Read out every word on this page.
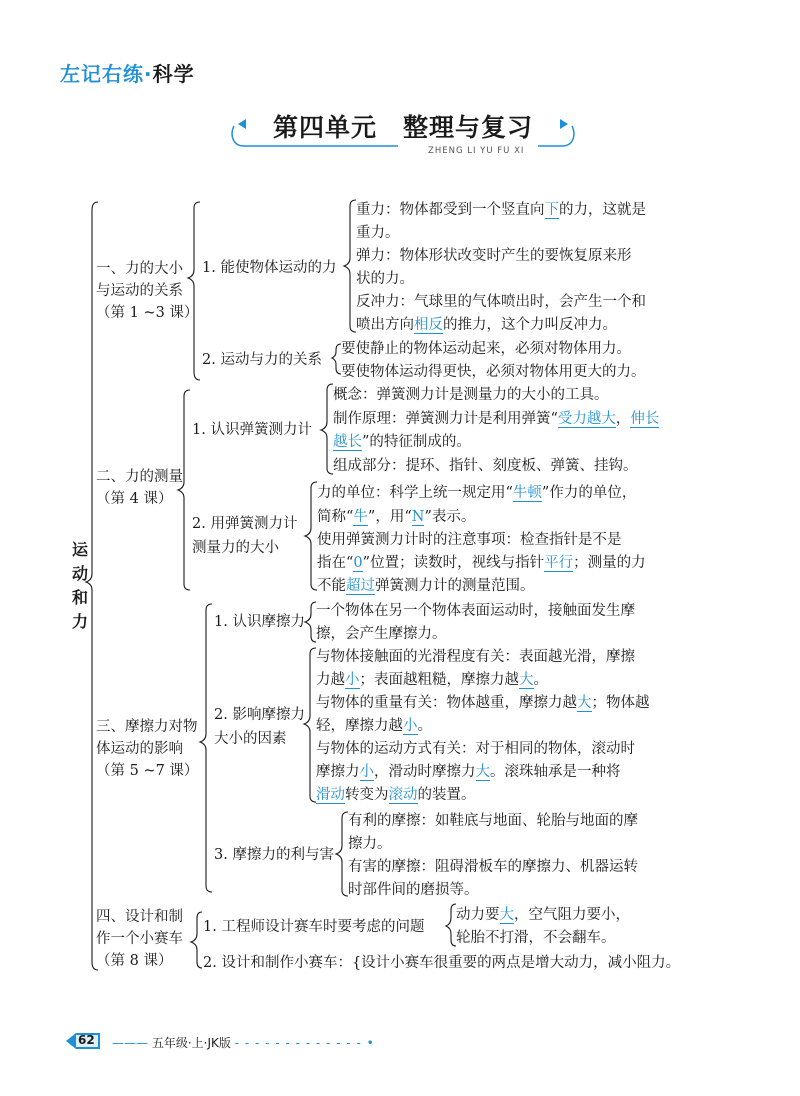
左记右练·科学
第四单元　整理与复习
ZHENG LI YU FU XI
运
动
和
力
一、力的大小
与运动的关系
（第 1 ~3 课）
二、力的测量
（第 4 课）
三、摩擦力对物
体运动的影响
（第 5 ~7 课）
四、设计和制
作一个小赛车
（第 8 课）
1. 能使物体运动的力
重力：物体都受到一个竖直向下的力，这就是
重力。
弹力：物体形状改变时产生的要恢复原来形
状的力。
反冲力：气球里的气体喷出时，会产生一个和
喷出方向相反的推力，这个力叫反冲力。
2. 运动与力的关系
要使静止的物体运动起来，必须对物体用力。
要使物体运动得更快，必须对物体用更大的力。
1. 认识弹簧测力计
概念：弹簧测力计是测量力的大小的工具。
制作原理：弹簧测力计是利用弹簧“受力越大，伸长
越长”的特征制成的。
组成部分：提环、指针、刻度板、弹簧、挂钩。
2. 用弹簧测力计
测量力的大小
力的单位：科学上统一规定用“牛顿”作力的单位，
简称“牛”，用“N”表示。
使用弹簧测力计时的注意事项：检查指针是不是
指在“0”位置；读数时，视线与指针平行；测量的力
不能超过弹簧测力计的测量范围。
1. 认识摩擦力
一个物体在另一个物体表面运动时，接触面发生摩
擦，会产生摩擦力。
2. 影响摩擦力
大小的因素
与物体接触面的光滑程度有关：表面越光滑，摩擦
力越小；表面越粗糙，摩擦力越大。
与物体的重量有关：物体越重，摩擦力越大；物体越
轻，摩擦力越小。
与物体的运动方式有关：对于相同的物体，滚动时
摩擦力小，滑动时摩擦力大。滚珠轴承是一种将
滑动转变为滚动的装置。
3. 摩擦力的利与害
有利的摩擦：如鞋底与地面、轮胎与地面的摩
擦力。
有害的摩擦：阻碍滑板车的摩擦力、机器运转
时部件间的磨损等。
1. 工程师设计赛车时要考虑的问题
动力要大，空气阻力要小，
轮胎不打滑，不会翻车。
2. 设计和制作小赛车：{设计小赛车很重要的两点是增大动力，减小阻力。
62 ——— 五年级·上·JK版 - - - - - - - - - - - - - •
